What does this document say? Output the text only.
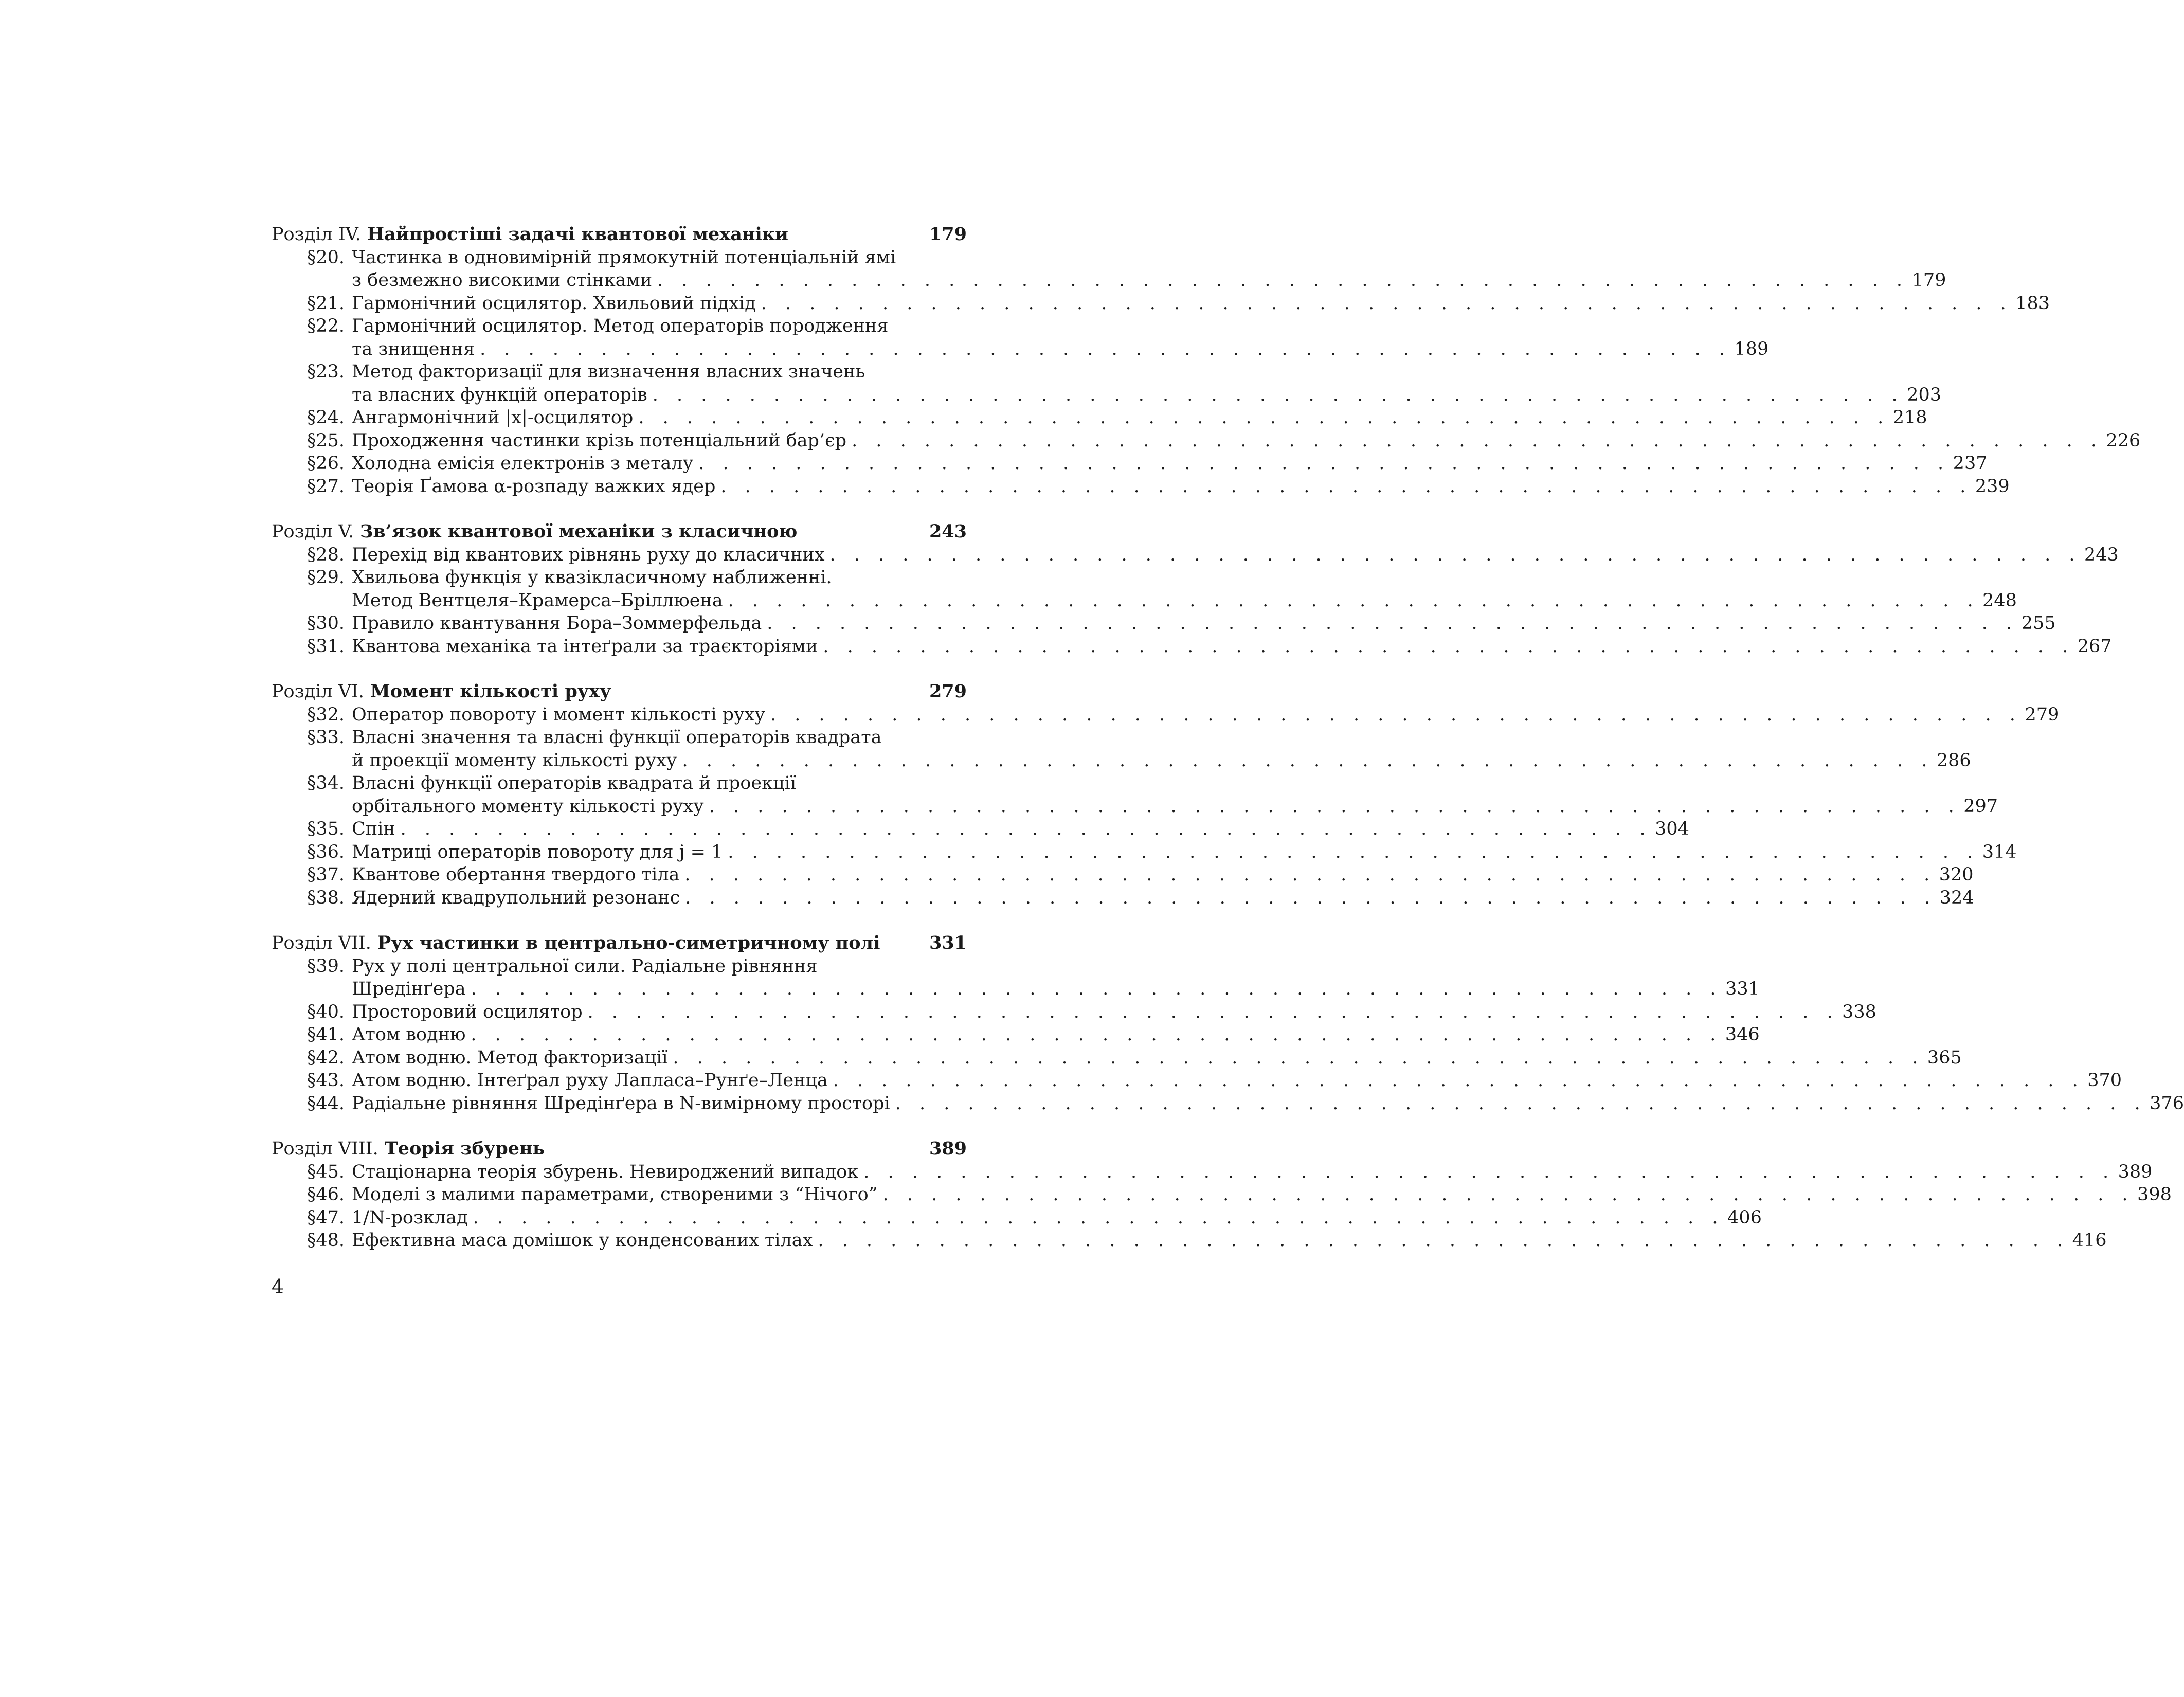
Розділ IV. Найпростіші задачі квантової механіки	179
§20. Частинка в одновимірній прямокутній потенціальній ямі
з безмежно високими стінками . . . . . . . . . . . . . . . . . . . . . . . . . . . . . . . . . . . . . . . . . . . . . . . . . . . . 179
§21. Гармонічний осцилятор. Хвильовий підхід . . . . . . . . . . . . . . . . . . . . . . . . . . . . . . . . . . . . . . . . . . . . . . . . . . . . 183
§22. Гармонічний осцилятор. Метод операторів породження
та знищення . . . . . . . . . . . . . . . . . . . . . . . . . . . . . . . . . . . . . . . . . . . . . . . . . . . . 189
§23. Метод факторизації для визначення власних значень
та власних функцій операторів . . . . . . . . . . . . . . . . . . . . . . . . . . . . . . . . . . . . . . . . . . . . . . . . . . . . 203
§24. Ангармонічний |x|-осцилятор . . . . . . . . . . . . . . . . . . . . . . . . . . . . . . . . . . . . . . . . . . . . . . . . . . . . 218
§25. Проходження частинки крізь потенціальний бар’єр . . . . . . . . . . . . . . . . . . . . . . . . . . . . . . . . . . . . . . . . . . . . . . . . . . . . 226
§26. Холодна емісія електронів з металу . . . . . . . . . . . . . . . . . . . . . . . . . . . . . . . . . . . . . . . . . . . . . . . . . . . . 237
§27. Теорія Ґамова α-розпаду важких ядер . . . . . . . . . . . . . . . . . . . . . . . . . . . . . . . . . . . . . . . . . . . . . . . . . . . . 239
Розділ V. Зв’язок квантової механіки з класичною	243
§28. Перехід від квантових рівнянь руху до класичних . . . . . . . . . . . . . . . . . . . . . . . . . . . . . . . . . . . . . . . . . . . . . . . . . . . . 243
§29. Хвильова функція у квазікласичному наближенні.
Метод Вентцеля–Крамерса–Бріллюена . . . . . . . . . . . . . . . . . . . . . . . . . . . . . . . . . . . . . . . . . . . . . . . . . . . . 248
§30. Правило квантування Бора–Зоммерфельда . . . . . . . . . . . . . . . . . . . . . . . . . . . . . . . . . . . . . . . . . . . . . . . . . . . . 255
§31. Квантова механіка та інтеґрали за траєкторіями . . . . . . . . . . . . . . . . . . . . . . . . . . . . . . . . . . . . . . . . . . . . . . . . . . . . 267
Розділ VI. Момент кількості руху	279
§32. Оператор повороту і момент кількості руху . . . . . . . . . . . . . . . . . . . . . . . . . . . . . . . . . . . . . . . . . . . . . . . . . . . . 279
§33. Власні значення та власні функції операторів квадрата
й проекції моменту кількості руху . . . . . . . . . . . . . . . . . . . . . . . . . . . . . . . . . . . . . . . . . . . . . . . . . . . . 286
§34. Власні функції операторів квадрата й проекції
орбітального моменту кількості руху . . . . . . . . . . . . . . . . . . . . . . . . . . . . . . . . . . . . . . . . . . . . . . . . . . . . 297
§35. Спін . . . . . . . . . . . . . . . . . . . . . . . . . . . . . . . . . . . . . . . . . . . . . . . . . . . . 304
§36. Матриці операторів повороту для j = 1 . . . . . . . . . . . . . . . . . . . . . . . . . . . . . . . . . . . . . . . . . . . . . . . . . . . . 314
§37. Квантове обертання твердого тіла . . . . . . . . . . . . . . . . . . . . . . . . . . . . . . . . . . . . . . . . . . . . . . . . . . . . 320
§38. Ядерний квадрупольний резонанс . . . . . . . . . . . . . . . . . . . . . . . . . . . . . . . . . . . . . . . . . . . . . . . . . . . . 324
Розділ VII. Рух частинки в центрально-симетричному полі	331
§39. Рух у полі центральної сили. Радіальне рівняння
Шредінґера . . . . . . . . . . . . . . . . . . . . . . . . . . . . . . . . . . . . . . . . . . . . . . . . . . . . 331
§40. Просторовий осцилятор . . . . . . . . . . . . . . . . . . . . . . . . . . . . . . . . . . . . . . . . . . . . . . . . . . . . 338
§41. Атом водню . . . . . . . . . . . . . . . . . . . . . . . . . . . . . . . . . . . . . . . . . . . . . . . . . . . . 346
§42. Атом водню. Метод факторизації . . . . . . . . . . . . . . . . . . . . . . . . . . . . . . . . . . . . . . . . . . . . . . . . . . . . 365
§43. Атом водню. Інтеґрал руху Лапласа–Рунґе–Ленца . . . . . . . . . . . . . . . . . . . . . . . . . . . . . . . . . . . . . . . . . . . . . . . . . . . . 370
§44. Радіальне рівняння Шредінґера в N-вимірному просторі . . . . . . . . . . . . . . . . . . . . . . . . . . . . . . . . . . . . . . . . . . . . . . . . . . . . 376
Розділ VIII. Теорія збурень	389
§45. Стаціонарна теорія збурень. Невироджений випадок . . . . . . . . . . . . . . . . . . . . . . . . . . . . . . . . . . . . . . . . . . . . . . . . . . . . 389
§46. Моделі з малими параметрами, створеними з “Нічого” . . . . . . . . . . . . . . . . . . . . . . . . . . . . . . . . . . . . . . . . . . . . . . . . . . . . 398
§47. 1/N-розклад . . . . . . . . . . . . . . . . . . . . . . . . . . . . . . . . . . . . . . . . . . . . . . . . . . . . 406
§48. Ефективна маса домішок у конденсованих тілах . . . . . . . . . . . . . . . . . . . . . . . . . . . . . . . . . . . . . . . . . . . . . . . . . . . . 416
4
